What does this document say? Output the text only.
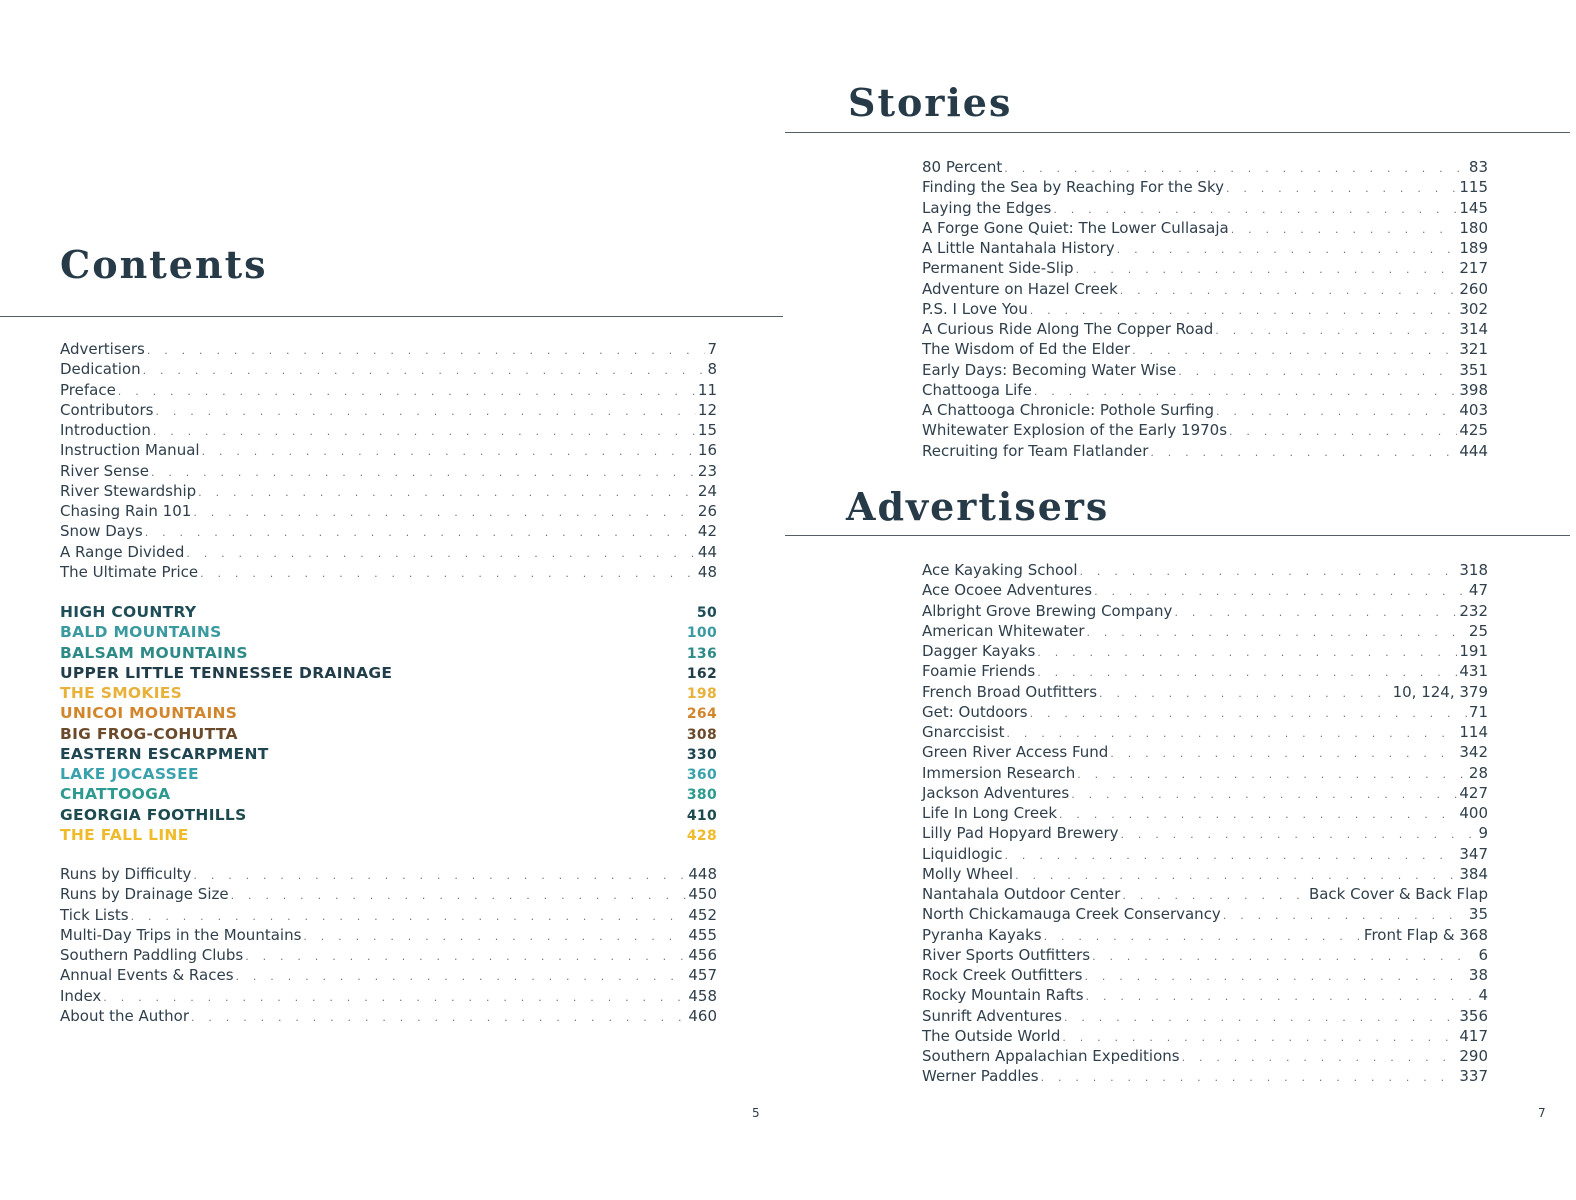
Contents
Advertisers . . .	7
Dedication . . .	8
Preface . . .	11
Contributors . . .	12
Introduction . . .	15
Instruction Manual . . .	16
River Sense . . .	23
River Stewardship . . .	24
Chasing Rain 101 . . .	26
Snow Days . . .	42
A Range Divided . . .	44
The Ultimate Price . . .	48
HIGH COUNTRY	50
BALD MOUNTAINS	100
BALSAM MOUNTAINS	136
UPPER LITTLE TENNESSEE DRAINAGE	162
THE SMOKIES	198
UNICOI MOUNTAINS	264
BIG FROG-COHUTTA	308
EASTERN ESCARPMENT	330
LAKE JOCASSEE	360
CHATTOOGA	380
GEORGIA FOOTHILLS	410
THE FALL LINE	428
Runs by Difficulty . . .	448
Runs by Drainage Size . . .	450
Tick Lists . . .	452
Multi-Day Trips in the Mountains . . .	455
Southern Paddling Clubs . . .	456
Annual Events & Races . . .	457
Index . . .	458
About the Author . . .	460
5
Stories
80 Percent . . .	83
Finding the Sea by Reaching For the Sky . . .	115
Laying the Edges . . .	145
A Forge Gone Quiet: The Lower Cullasaja . . .	180
A Little Nantahala History . . .	189
Permanent Side-Slip . . .	217
Adventure on Hazel Creek . . .	260
P.S. I Love You . . .	302
A Curious Ride Along The Copper Road . . .	314
The Wisdom of Ed the Elder . . .	321
Early Days: Becoming Water Wise . . .	351
Chattooga Life . . .	398
A Chattooga Chronicle: Pothole Surfing . . .	403
Whitewater Explosion of the Early 1970s . . .	425
Recruiting for Team Flatlander . . .	444
Advertisers
Ace Kayaking School . . .	318
Ace Ocoee Adventures . . .	47
Albright Grove Brewing Company . . .	232
American Whitewater . . .	25
Dagger Kayaks . . .	191
Foamie Friends . . .	431
French Broad Outfitters . . .	10, 124, 379
Get: Outdoors . . .	71
Gnarccisist . . .	114
Green River Access Fund . . .	342
Immersion Research . . .	28
Jackson Adventures . . .	427
Life In Long Creek . . .	400
Lilly Pad Hopyard Brewery . . .	9
Liquidlogic . . .	347
Molly Wheel . . .	384
Nantahala Outdoor Center . . .	Back Cover & Back Flap
North Chickamauga Creek Conservancy . . .	35
Pyranha Kayaks . . .	Front Flap & 368
River Sports Outfitters . . .	6
Rock Creek Outfitters . . .	38
Rocky Mountain Rafts . . .	4
Sunrift Adventures . . .	356
The Outside World . . .	417
Southern Appalachian Expeditions . . .	290
Werner Paddles . . .	337
7
